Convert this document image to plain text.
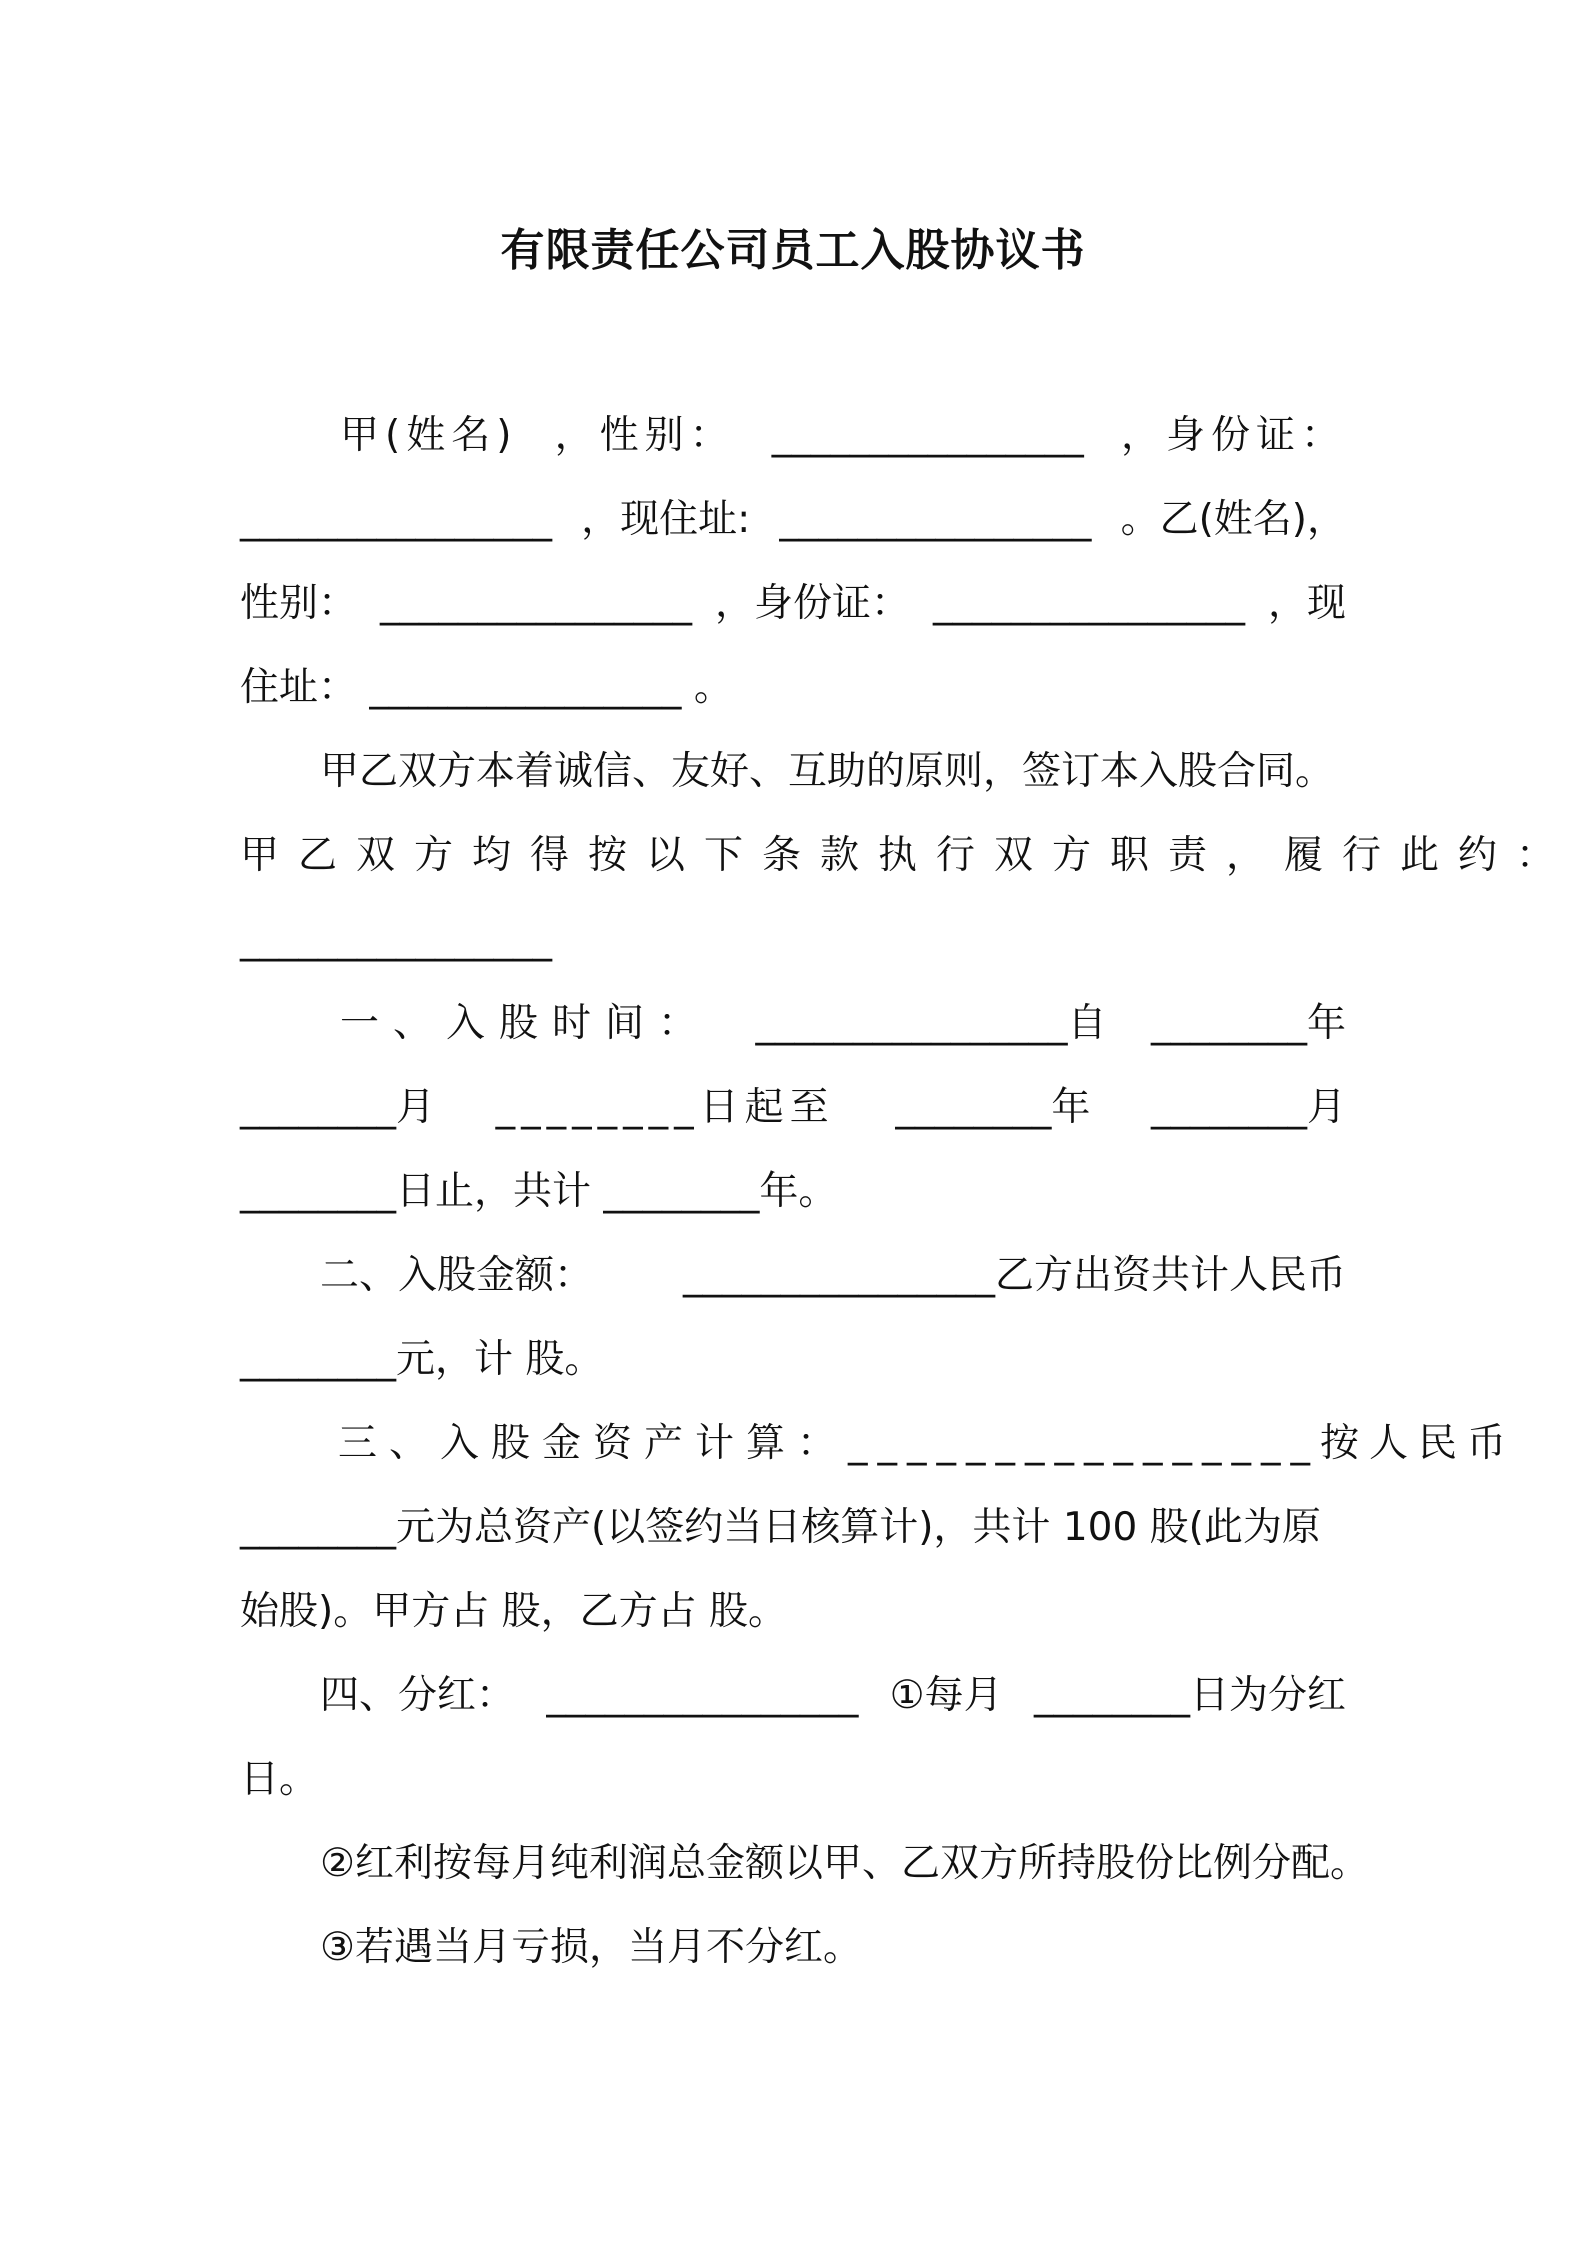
有限责任公司员工入股协议书
甲(姓名) ，性别： ________________ ，身份证：
________________ ，现住址: ________________ 。乙(姓名)，
性别： ________________ ，身份证： ________________ ，现
住址： ________________ 。
甲乙双方本着诚信、友好、互助的原则，签订本入股合同。
甲乙双方均得按以下条款执行双方职责，履行此约：
________________
一、入股时间： ________________自 ________年
________月 ________日起至 ________年 ________月
________日止，共计 ________年。
二、入股金额： ________________乙方出资共计人民币
________元，计 股。
三、入股金资产计算： ________________按人民币
________元为总资产(以签约当日核算计)，共计 100 股(此为原
始股)。甲方占 股，乙方占 股。
四、分红： ________________ ①每月 ________日为分红
日。
②红利按每月纯利润总金额以甲、乙双方所持股份比例分配。
③若遇当月亏损，当月不分红。
